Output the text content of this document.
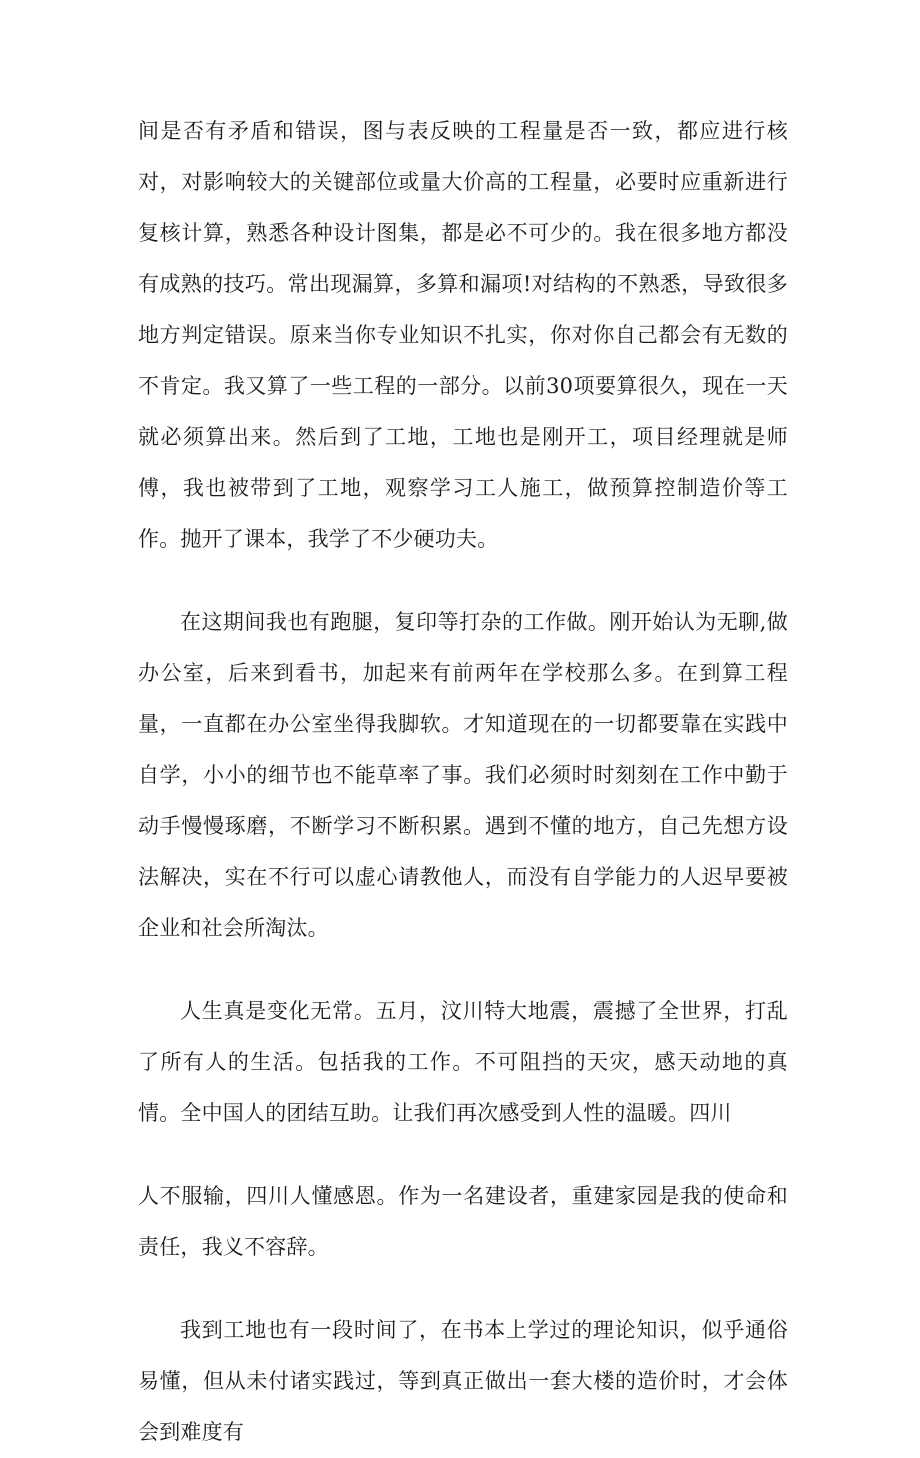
间是否有矛盾和错误，图与表反映的工程量是否一致，都应进行核对，对影响较大的关键部位或量大价高的工程量，必要时应重新进行复核计算，熟悉各种设计图集，都是必不可少的。我在很多地方都没有成熟的技巧。常出现漏算，多算和漏项!对结构的不熟悉，导致很多地方判定错误。原来当你专业知识不扎实，你对你自己都会有无数的不肯定。我又算了一些工程的一部分。以前30项要算很久，现在一天就必须算出来。然后到了工地，工地也是刚开工，项目经理就是师傅，我也被带到了工地，观察学习工人施工，做预算控制造价等工作。抛开了课本，我学了不少硬功夫。

在这期间我也有跑腿，复印等打杂的工作做。刚开始认为无聊,做办公室，后来到看书，加起来有前两年在学校那么多。在到算工程量，一直都在办公室坐得我脚软。才知道现在的一切都要靠在实践中自学，小小的细节也不能草率了事。我们必须时时刻刻在工作中勤于动手慢慢琢磨，不断学习不断积累。遇到不懂的地方，自己先想方设法解决，实在不行可以虚心请教他人，而没有自学能力的人迟早要被企业和社会所淘汰。

人生真是变化无常。五月，汶川特大地震，震撼了全世界，打乱了所有人的生活。包括我的工作。不可阻挡的天灾，感天动地的真情。全中国人的团结互助。让我们再次感受到人性的温暖。四川

人不服输，四川人懂感恩。作为一名建设者，重建家园是我的使命和责任，我义不容辞。

我到工地也有一段时间了，在书本上学过的理论知识，似乎通俗易懂，但从未付诸实践过，等到真正做出一套大楼的造价时，才会体会到难度有
